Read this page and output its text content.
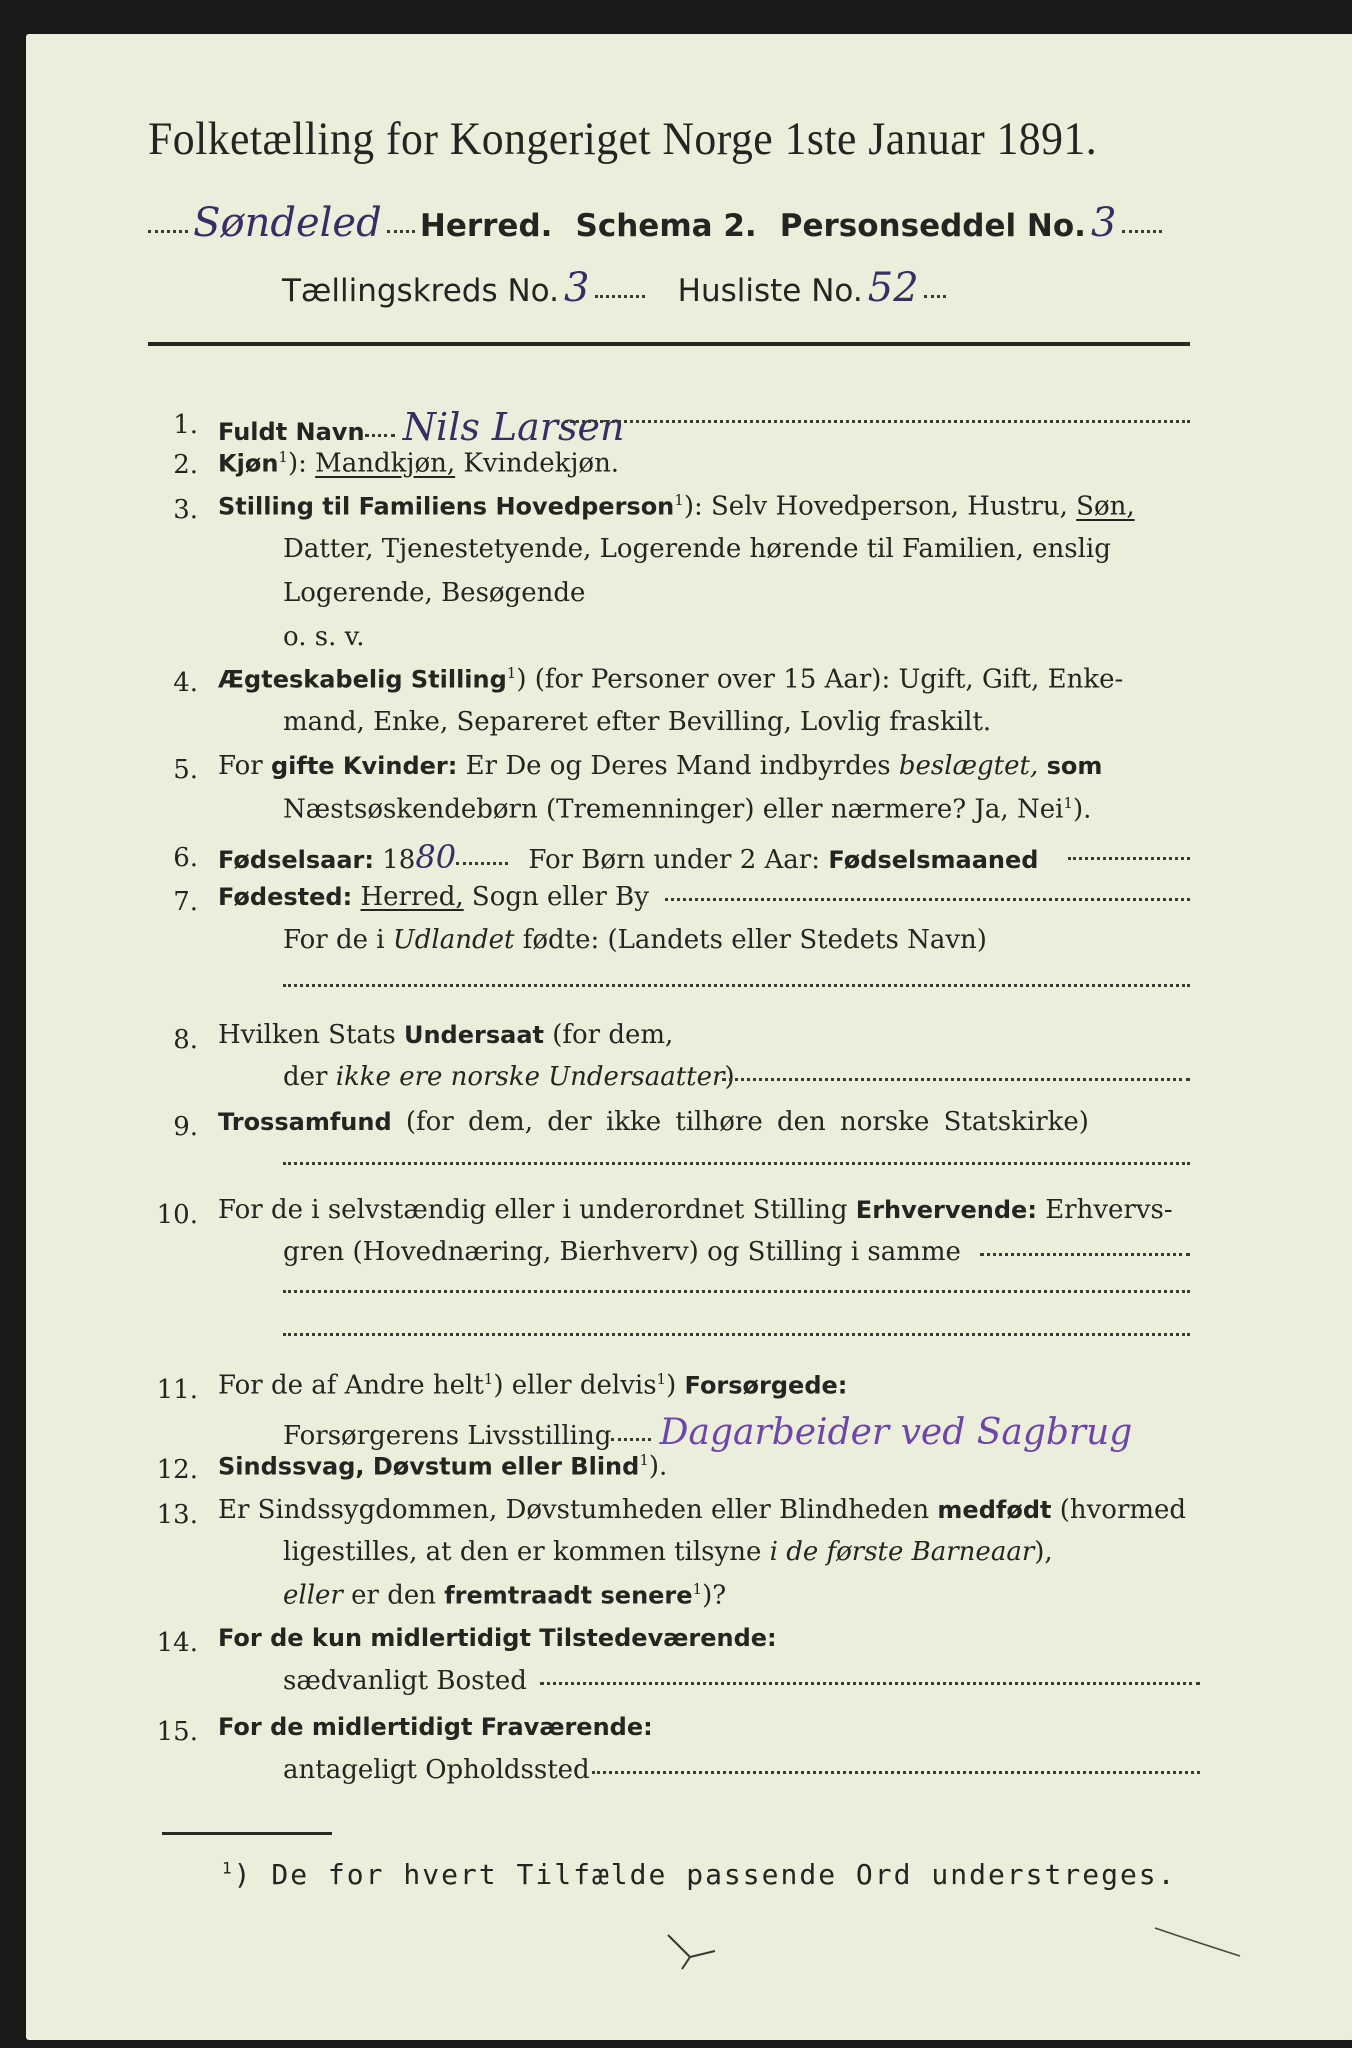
Folketælling for Kongeriget Norge 1ste Januar 1891.
Søndeled Herred. Schema 2. Personseddel No. 3
Tællingskreds No. 3	Husliste No. 52
1. Fuldt Navn Nils Larsen
2. Kjøn$^1$): Mandkjøn, Kvindekjøn.
3. Stilling til Familiens Hovedperson$^1$): Selv Hovedperson, Hustru, Søn,
Datter, Tjenestetyende, Logerende hørende til Familien, enslig
Logerende, Besøgende
o. s. v.
4. Ægteskabelig Stilling$^1$) (for Personer over 15 Aar): Ugift, Gift, Enke-
mand, Enke, Separeret efter Bevilling, Lovlig fraskilt.
5. For gifte Kvinder: Er De og Deres Mand indbyrdes beslægtet, som
Næstsøskendebørn (Tremenninger) eller nærmere? Ja, Nei$^1$).
6. Fødselsaar: 1880	For Børn under 2 Aar: Fødselsmaaned
7. Fødested: Herred, Sogn eller By
For de i Udlandet fødte: (Landets eller Stedets Navn)
8. Hvilken Stats Undersaat (for dem,
der ikke ere norske Undersaatter)
9. Trossamfund (for dem, der ikke tilhøre den norske Statskirke)
10. For de i selvstændig eller i underordnet Stilling Erhvervende: Erhvervs-
gren (Hovednæring, Bierhverv) og Stilling i samme
11. For de af Andre helt$^1$) eller delvis$^1$) Forsørgede:
Forsørgerens Livsstilling Dagarbeider ved Sagbrug
12. Sindssvag, Døvstum eller Blind$^1$).
13. Er Sindssygdommen, Døvstumheden eller Blindheden medfødt (hvormed
ligestilles, at den er kommen tilsyne i de første Barneaar),
eller er den fremtraadt senere$^1$)?
14. For de kun midlertidigt Tilstedeværende:
sædvanligt Bosted
15. For de midlertidigt Fraværende:
antageligt Opholdssted
$^1$) De for hvert Tilfælde passende Ord understreges.
